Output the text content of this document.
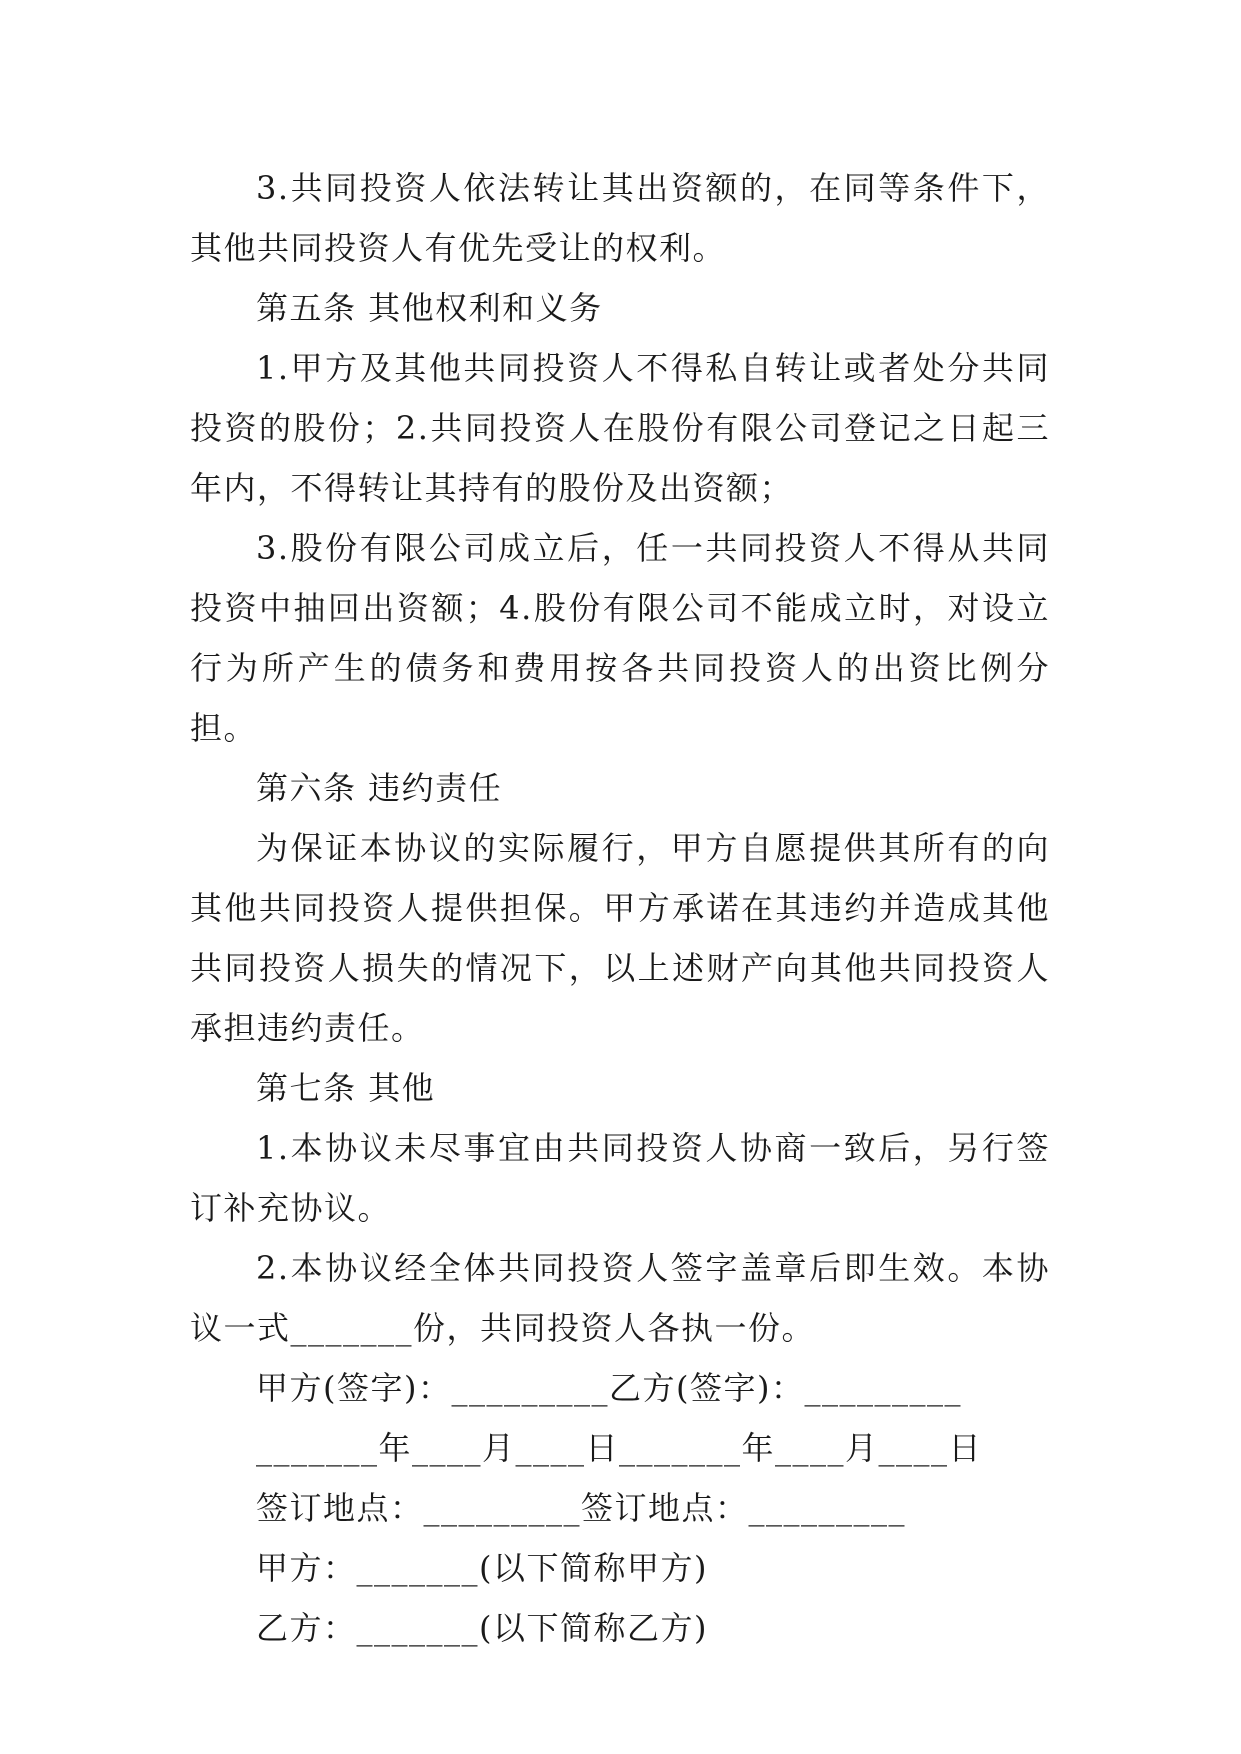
3.共同投资人依法转让其出资额的，在同等条件下，其他共同投资人有优先受让的权利。

第五条 其他权利和义务

1.甲方及其他共同投资人不得私自转让或者处分共同投资的股份；2.共同投资人在股份有限公司登记之日起三年内，不得转让其持有的股份及出资额；

3.股份有限公司成立后，任一共同投资人不得从共同投资中抽回出资额；4.股份有限公司不能成立时，对设立行为所产生的债务和费用按各共同投资人的出资比例分担。

第六条 违约责任

为保证本协议的实际履行，甲方自愿提供其所有的向其他共同投资人提供担保。甲方承诺在其违约并造成其他共同投资人损失的情况下，以上述财产向其他共同投资人承担违约责任。

第七条 其他

1.本协议未尽事宜由共同投资人协商一致后，另行签订补充协议。

2.本协议经全体共同投资人签字盖章后即生效。本协议一式_______份，共同投资人各执一份。

甲方(签字)：_________乙方(签字)：_________

_______年____月____日_______年____月____日

签订地点：_________签订地点：_________

甲方：_______(以下简称甲方)

乙方：_______(以下简称乙方)
